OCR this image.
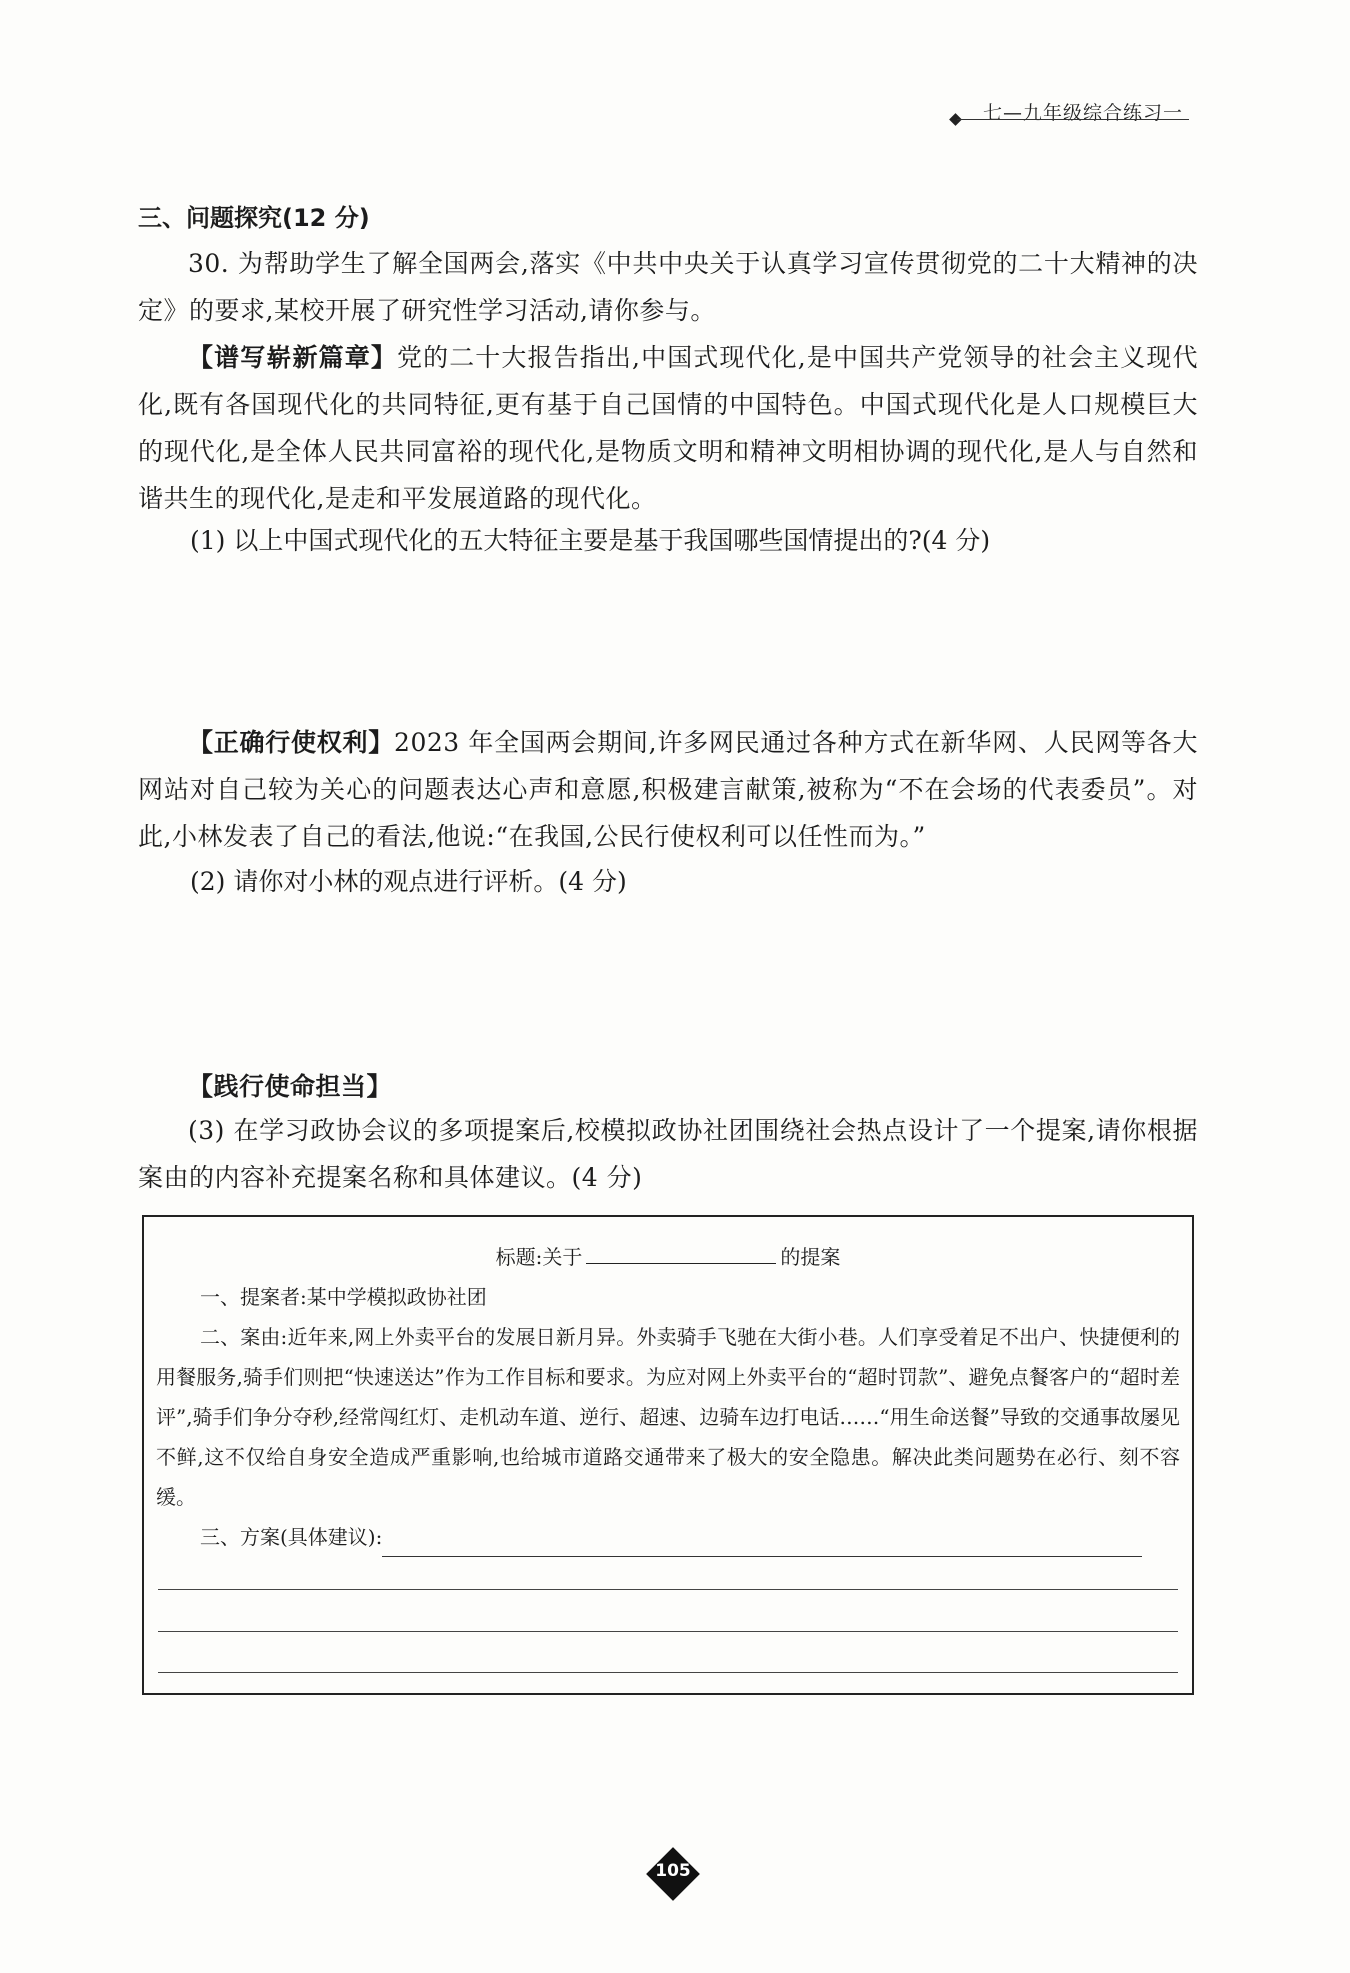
七—九年级综合练习一
三、问题探究(12 分)
30. 为帮助学生了解全国两会,落实《中共中央关于认真学习宣传贯彻党的二十大精神的决定》的要求,某校开展了研究性学习活动,请你参与。
【谱写崭新篇章】党的二十大报告指出,中国式现代化,是中国共产党领导的社会主义现代化,既有各国现代化的共同特征,更有基于自己国情的中国特色。中国式现代化是人口规模巨大的现代化,是全体人民共同富裕的现代化,是物质文明和精神文明相协调的现代化,是人与自然和谐共生的现代化,是走和平发展道路的现代化。
(1) 以上中国式现代化的五大特征主要是基于我国哪些国情提出的?(4 分)
【正确行使权利】2023 年全国两会期间,许多网民通过各种方式在新华网、人民网等各大网站对自己较为关心的问题表达心声和意愿,积极建言献策,被称为“不在会场的代表委员”。对此,小林发表了自己的看法,他说:“在我国,公民行使权利可以任性而为。”
(2) 请你对小林的观点进行评析。(4 分)
【践行使命担当】
(3) 在学习政协会议的多项提案后,校模拟政协社团围绕社会热点设计了一个提案,请你根据案由的内容补充提案名称和具体建议。(4 分)
标题:关于	的提案
一、提案者:某中学模拟政协社团
二、案由:近年来,网上外卖平台的发展日新月异。外卖骑手飞驰在大街小巷。人们享受着足不出户、快捷便利的用餐服务,骑手们则把“快速送达”作为工作目标和要求。为应对网上外卖平台的“超时罚款”、避免点餐客户的“超时差评”,骑手们争分夺秒,经常闯红灯、走机动车道、逆行、超速、边骑车边打电话……“用生命送餐”导致的交通事故屡见不鲜,这不仅给自身安全造成严重影响,也给城市道路交通带来了极大的安全隐患。解决此类问题势在必行、刻不容缓。
三、方案(具体建议):
105
